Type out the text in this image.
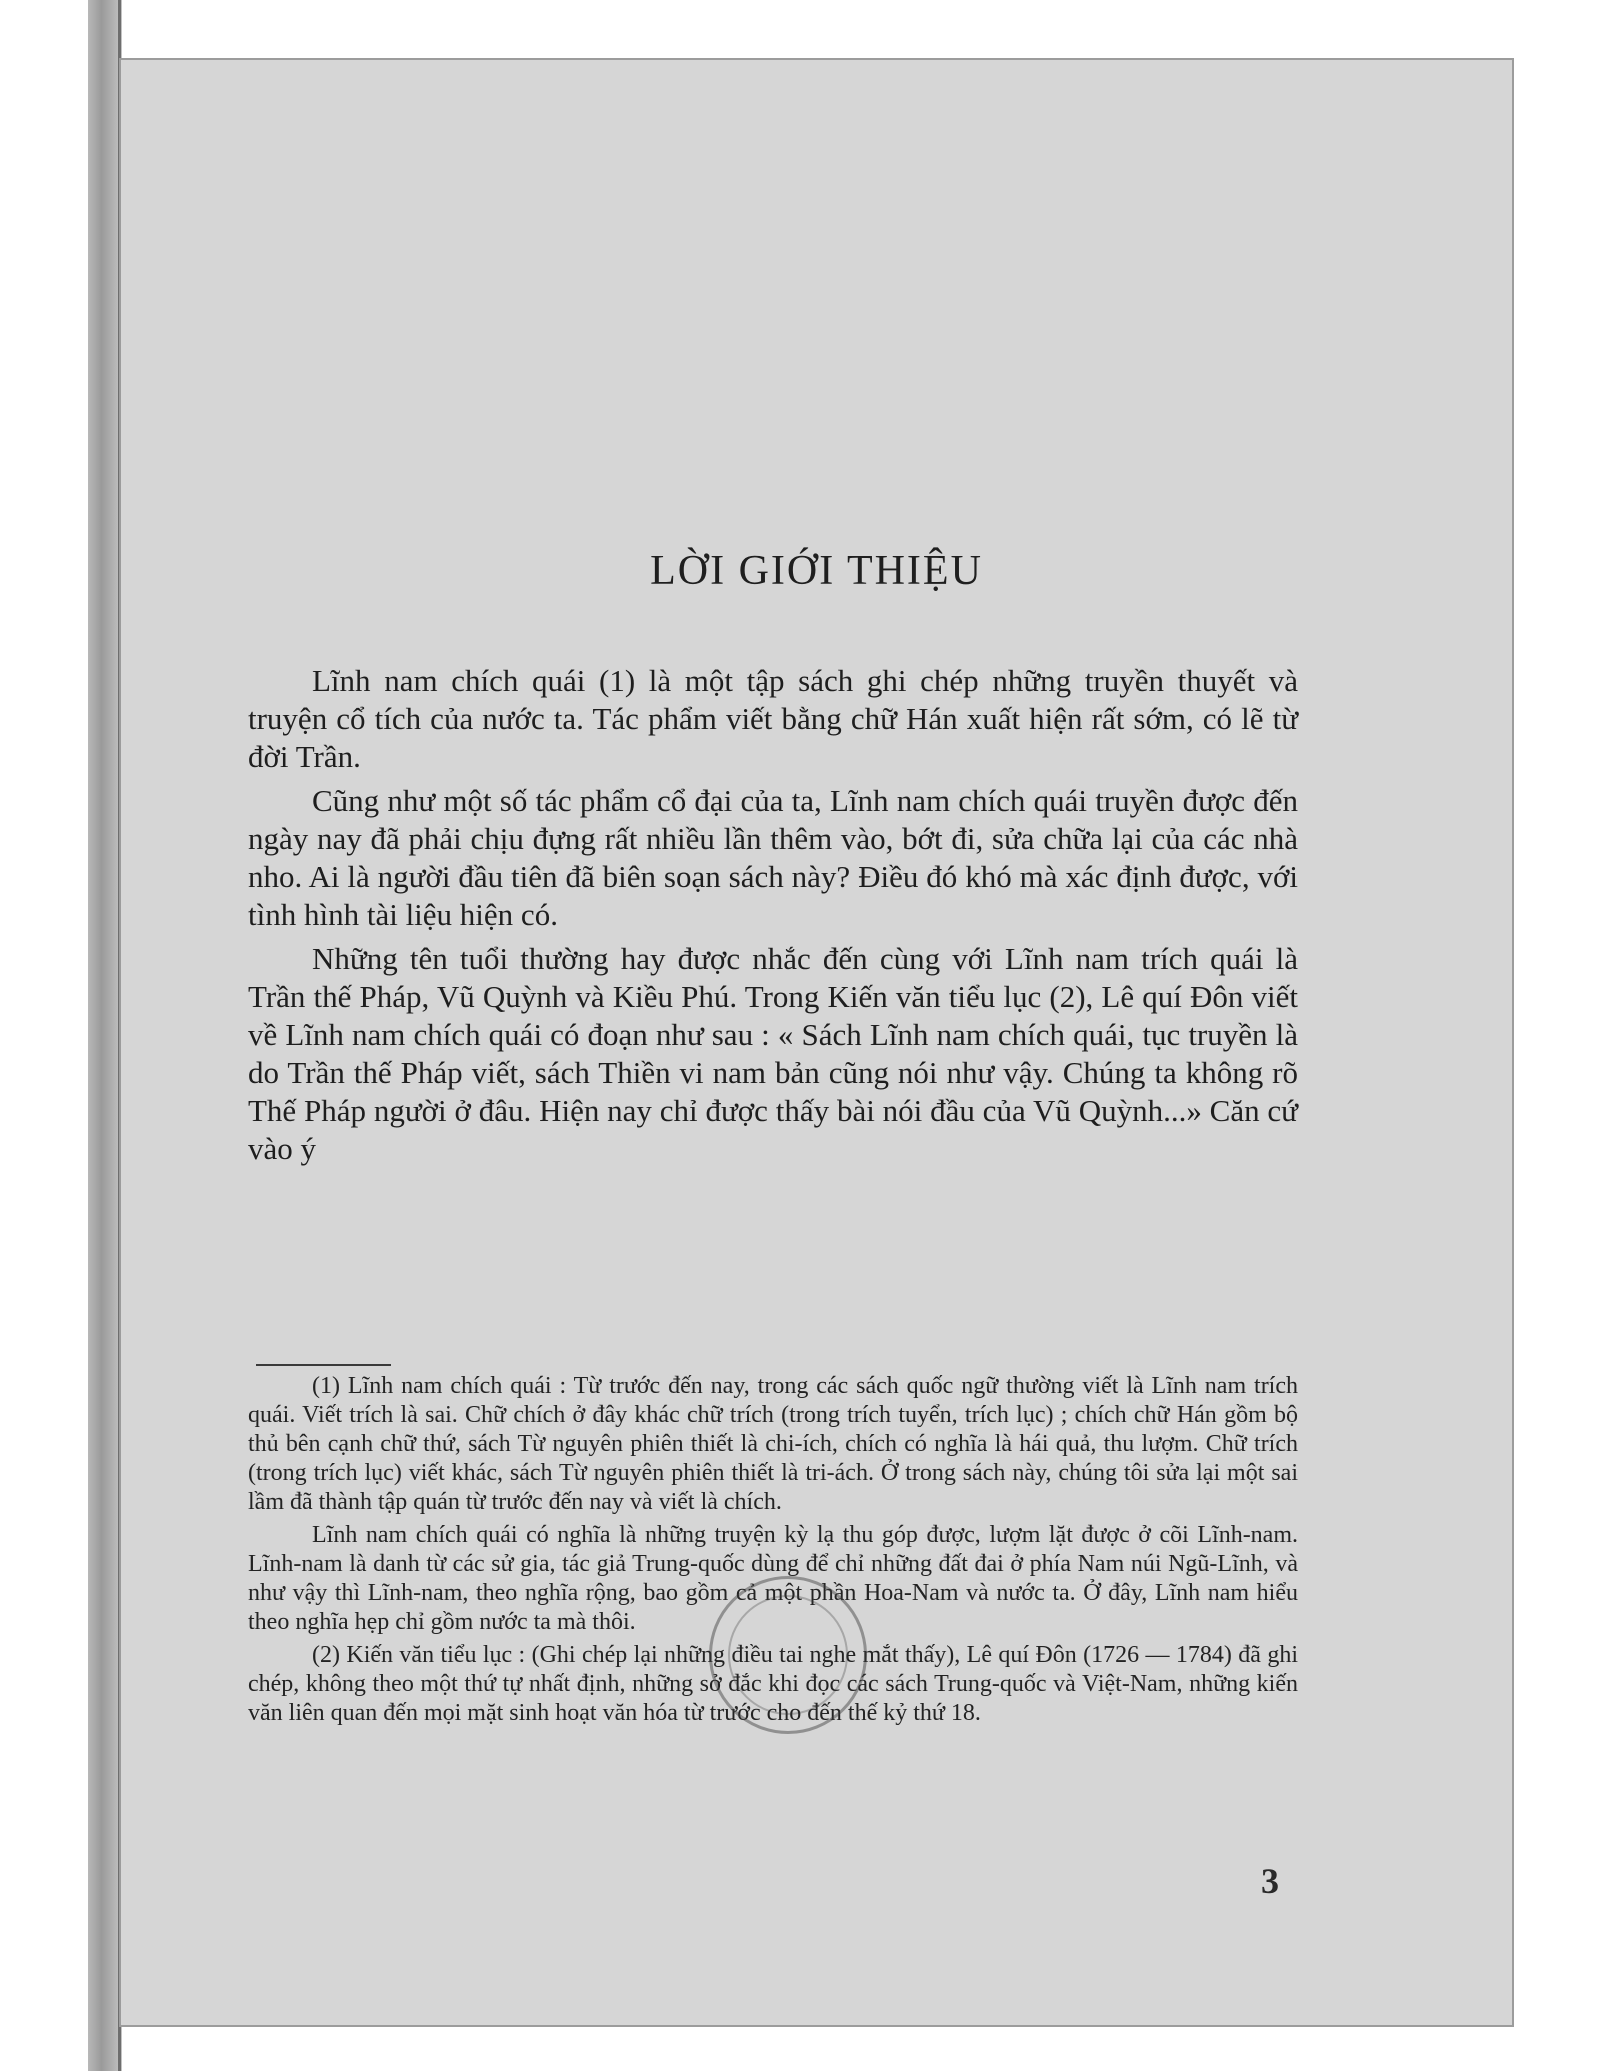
LỜI GIỚI THIỆU

Lĩnh nam chích quái (1) là một tập sách ghi chép những truyền thuyết và truyện cổ tích của nước ta. Tác phẩm viết bằng chữ Hán xuất hiện rất sớm, có lẽ từ đời Trần.

Cũng như một số tác phẩm cổ đại của ta, Lĩnh nam chích quái truyền được đến ngày nay đã phải chịu đựng rất nhiều lần thêm vào, bớt đi, sửa chữa lại của các nhà nho. Ai là người đầu tiên đã biên soạn sách này? Điều đó khó mà xác định được, với tình hình tài liệu hiện có.

Những tên tuổi thường hay được nhắc đến cùng với Lĩnh nam trích quái là Trần thế Pháp, Vũ Quỳnh và Kiều Phú. Trong Kiến văn tiểu lục (2), Lê quí Đôn viết về Lĩnh nam chích quái có đoạn như sau : « Sách Lĩnh nam chích quái, tục truyền là do Trần thế Pháp viết, sách Thiền vi nam bản cũng nói như vậy. Chúng ta không rõ Thế Pháp người ở đâu. Hiện nay chỉ được thấy bài nói đầu của Vũ Quỳnh...» Căn cứ vào ý

(1) Lĩnh nam chích quái : Từ trước đến nay, trong các sách quốc ngữ thường viết là Lĩnh nam trích quái. Viết trích là sai. Chữ chích ở đây khác chữ trích (trong trích tuyển, trích lục) ; chích chữ Hán gồm bộ thủ bên cạnh chữ thứ, sách Từ nguyên phiên thiết là chi-ích, chích có nghĩa là hái quả, thu lượm. Chữ trích (trong trích lục) viết khác, sách Từ nguyên phiên thiết là tri-ách. Ở trong sách này, chúng tôi sửa lại một sai lầm đã thành tập quán từ trước đến nay và viết là chích.

Lĩnh nam chích quái có nghĩa là những truyện kỳ lạ thu góp được, lượm lặt được ở cõi Lĩnh-nam. Lĩnh-nam là danh từ các sử gia, tác giả Trung-quốc dùng để chỉ những đất đai ở phía Nam núi Ngũ-Lĩnh, và như vậy thì Lĩnh-nam, theo nghĩa rộng, bao gồm cả một phần Hoa-Nam và nước ta. Ở đây, Lĩnh nam hiểu theo nghĩa hẹp chỉ gồm nước ta mà thôi.

(2) Kiến văn tiểu lục : (Ghi chép lại những điều tai nghe mắt thấy), Lê quí Đôn (1726 — 1784) đã ghi chép, không theo một thứ tự nhất định, những sở đắc khi đọc các sách Trung-quốc và Việt-Nam, những kiến văn liên quan đến mọi mặt sinh hoạt văn hóa từ trước cho đến thế kỷ thứ 18.

3
